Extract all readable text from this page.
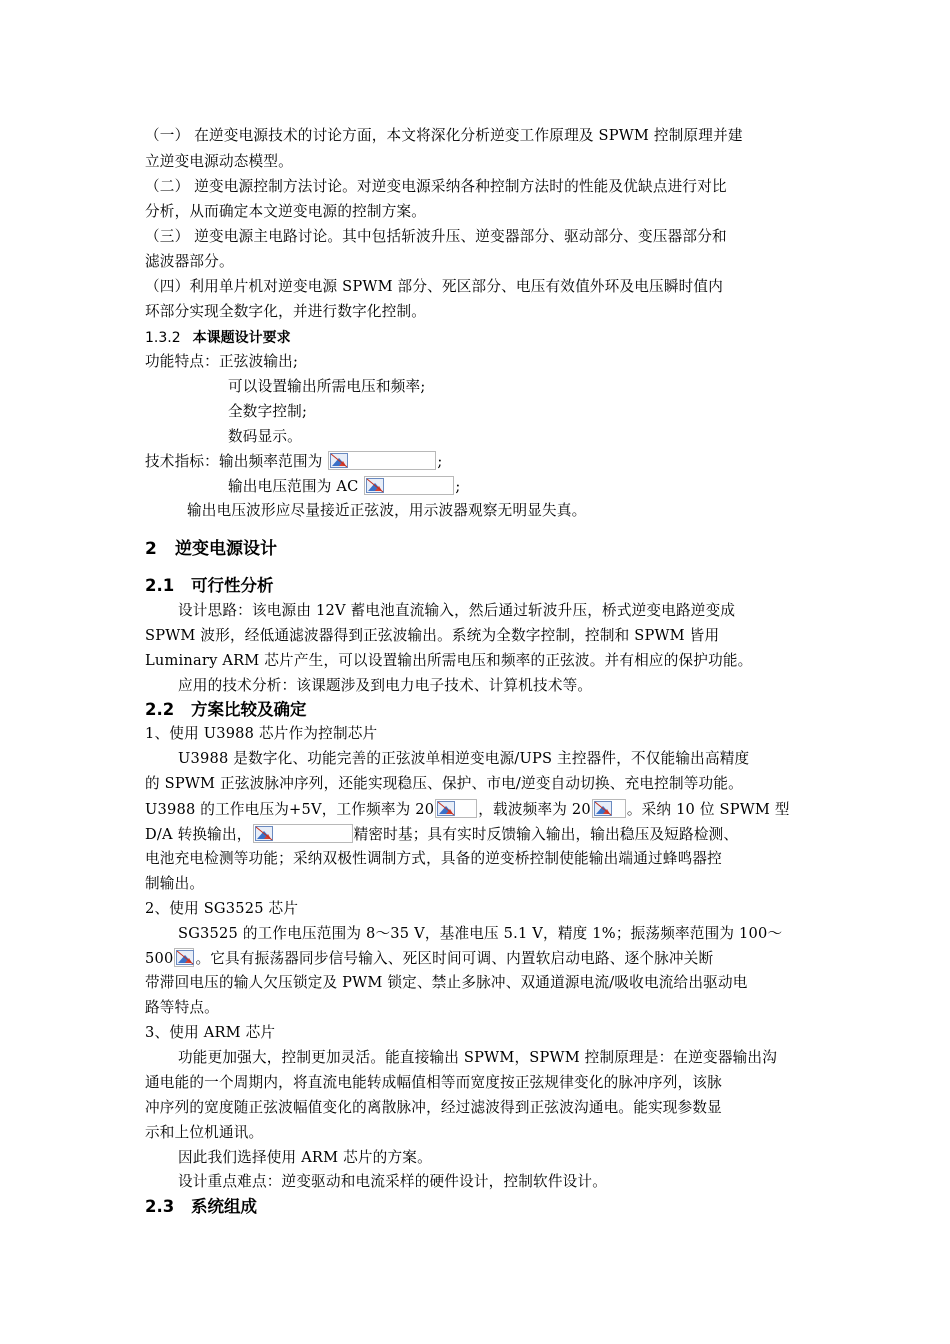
（一） 在逆变电源技术的讨论方面，本文将深化分析逆变工作原理及 SPWM 控制原理并建
立逆变电源动态模型。
（二） 逆变电源控制方法讨论。对逆变电源采纳各种控制方法时的性能及优缺点进行对比
分析，从而确定本文逆变电源的控制方案。
（三） 逆变电源主电路讨论。其中包括斩波升压、逆变器部分、驱动部分、变压器部分和
滤波器部分。
（四）利用单片机对逆变电源 SPWM 部分、死区部分、电压有效值外环及电压瞬时值内
环部分实现全数字化，并进行数字化控制。
1.3.2 本课题设计要求
功能特点：正弦波输出;
可以设置输出所需电压和频率;
全数字控制;
数码显示。
技术指标：输出频率范围为	;
输出电压范围为 AC	;
输出电压波形应尽量接近正弦波，用示波器观察无明显失真。
2 逆变电源设计
2.1 可行性分析
设计思路：该电源由 12V 蓄电池直流输入，然后通过斩波升压，桥式逆变电路逆变成
SPWM 波形，经低通滤波器得到正弦波输出。系统为全数字控制，控制和 SPWM 皆用
Luminary ARM 芯片产生，可以设置输出所需电压和频率的正弦波。并有相应的保护功能。
应用的技术分析：该课题涉及到电力电子技术、计算机技术等。
2.2 方案比较及确定
1、使用 U3988 芯片作为控制芯片
U3988 是数字化、功能完善的正弦波单相逆变电源/UPS 主控器件，不仅能输出高精度
的 SPWM 正弦波脉冲序列，还能实现稳压、保护、市电/逆变自动切换、充电控制等功能。
U3988 的工作电压为+5V，工作频率为 20	，载波频率为 20 。采纳 10 位 SPWM 型
D/A 转换输出，	精密时基；具有实时反馈输入输出，输出稳压及短路检测、
电池充电检测等功能；采纳双极性调制方式，具备的逆变桥控制使能输出端通过蜂鸣器控
制输出。
2、使用 SG3525 芯片
SG3525 的工作电压范围为 8～35 V，基准电压 5.1 V，精度 1%；振荡频率范围为 100～
500 。它具有振荡器同步信号输入、死区时间可调、内置软启动电路、逐个脉冲关断
带滞回电压的输人欠压锁定及 PWM 锁定、禁止多脉冲、双通道源电流/吸收电流给出驱动电
路等特点。
3、使用 ARM 芯片
功能更加强大，控制更加灵活。能直接输出 SPWM，SPWM 控制原理是：在逆变器输出沟
通电能的一个周期内，将直流电能转成幅值相等而宽度按正弦规律变化的脉冲序列，该脉
冲序列的宽度随正弦波幅值变化的离散脉冲，经过滤波得到正弦波沟通电。能实现参数显
示和上位机通讯。
因此我们选择使用 ARM 芯片的方案。
设计重点难点：逆变驱动和电流采样的硬件设计，控制软件设计。
2.3 系统组成
